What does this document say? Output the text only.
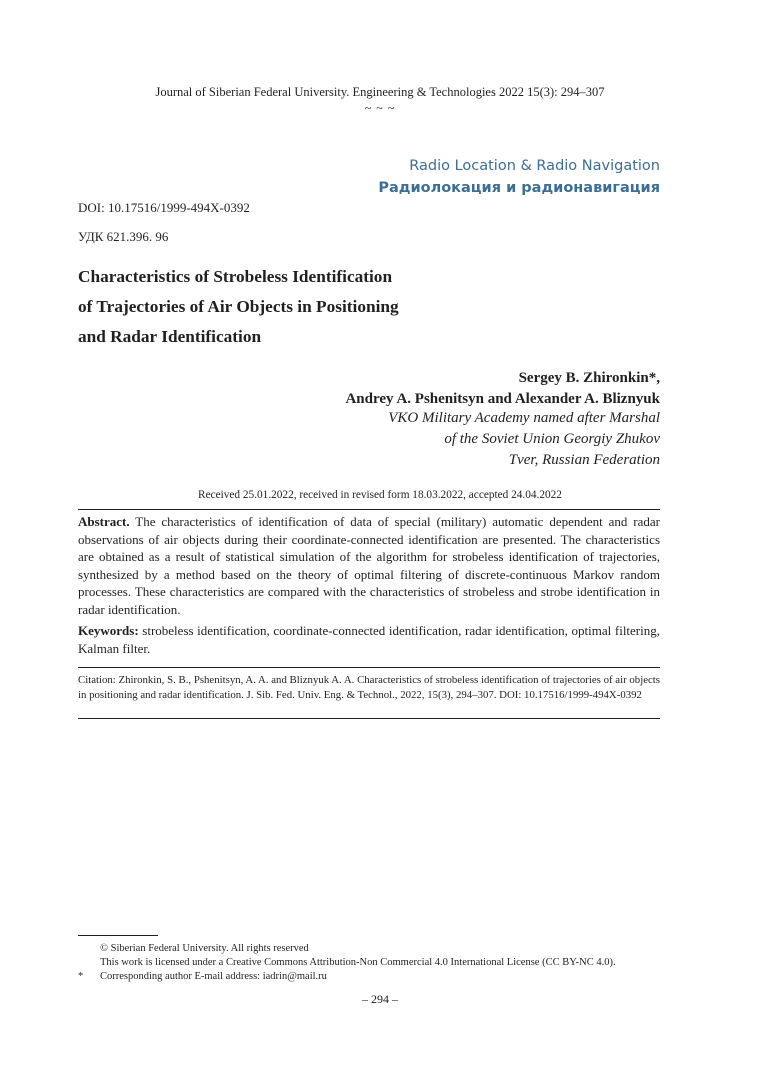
Journal of Siberian Federal University. Engineering & Technologies 2022 15(3): 294–307
~ ~ ~
Radio Location & Radio Navigation
Радиолокация и радионавигация
DOI: 10.17516/1999-494X-0392
УДК 621.396. 96
Characteristics of Strobeless Identification
of Trajectories of Air Objects in Positioning
and Radar Identification
Sergey B. Zhironkin*,
Andrey A. Pshenitsyn and Alexander A. Bliznyuk
VKO Military Academy named after Marshal
of the Soviet Union Georgiy Zhukov
Tver, Russian Federation
Received 25.01.2022, received in revised form 18.03.2022, accepted 24.04.2022
Abstract. The characteristics of identification of data of special (military) automatic dependent and radar observations of air objects during their coordinate-connected identification are presented. The characteristics are obtained as a result of statistical simulation of the algorithm for strobeless identification of trajectories, synthesized by a method based on the theory of optimal filtering of discrete-continuous Markov random processes. These characteristics are compared with the characteristics of strobeless and strobe identification in radar identification.
Keywords: strobeless identification, coordinate-connected identification, radar identification, optimal filtering, Kalman filter.
Citation: Zhironkin, S. B., Pshenitsyn, A. A. and Bliznyuk A. A. Characteristics of strobeless identification of trajectories of air objects in positioning and radar identification. J. Sib. Fed. Univ. Eng. & Technol., 2022, 15(3), 294–307. DOI: 10.17516/1999-494X-0392
© Siberian Federal University. All rights reserved
This work is licensed under a Creative Commons Attribution-Non Commercial 4.0 International License (CC BY-NC 4.0).
* Corresponding author E-mail address: iadrin@mail.ru
– 294 –
